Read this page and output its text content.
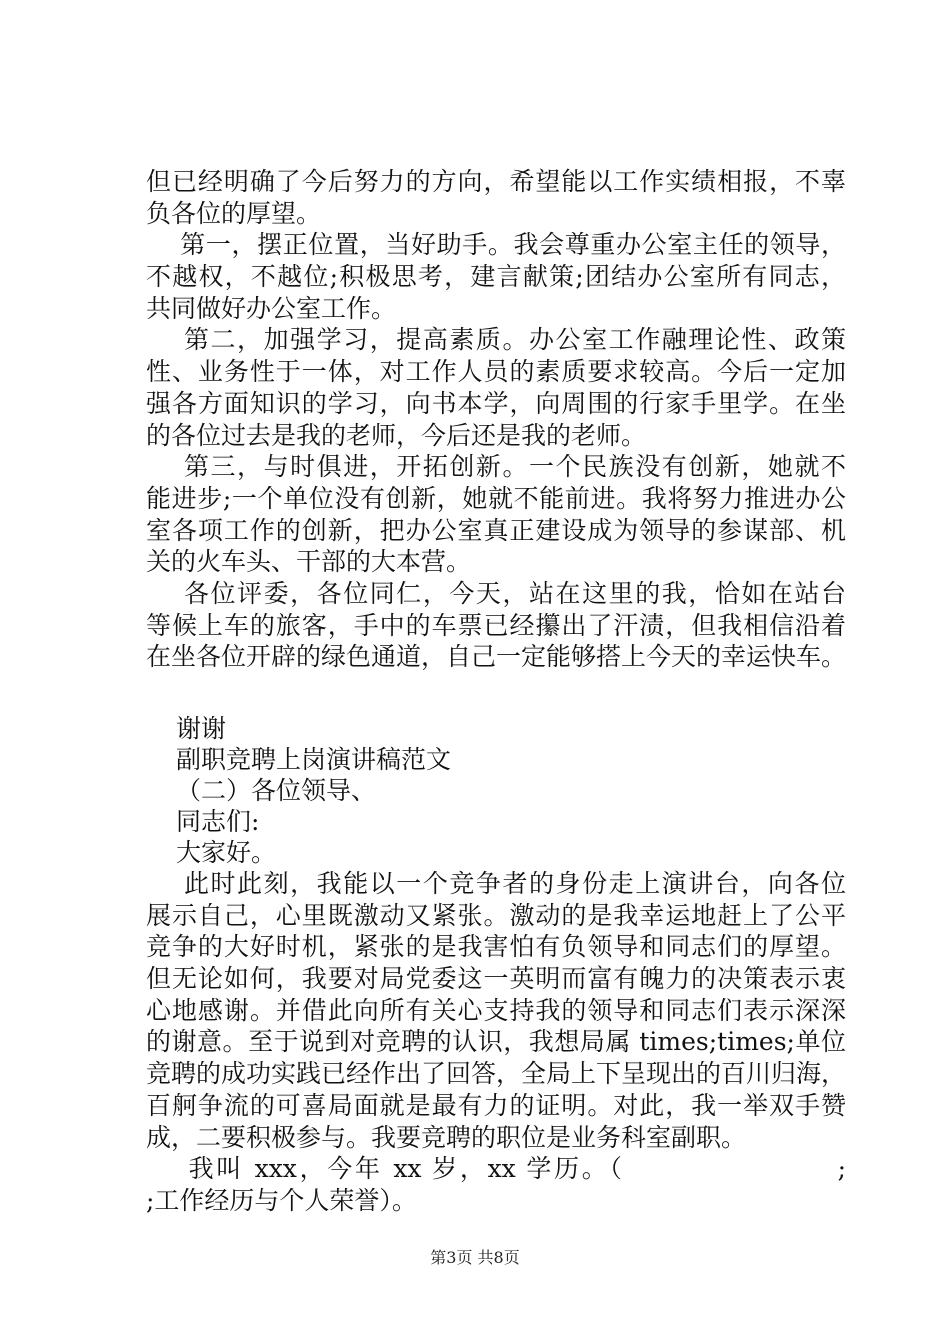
但已经明确了今后努力的方向，希望能以工作实绩相报，不辜
负各位的厚望。
第一，摆正位置，当好助手。我会尊重办公室主任的领导，
不越权，不越位;积极思考，建言献策;团结办公室所有同志，
共同做好办公室工作。
第二，加强学习，提高素质。办公室工作融理论性、政策
性、业务性于一体，对工作人员的素质要求较高。今后一定加
强各方面知识的学习，向书本学，向周围的行家手里学。在坐
的各位过去是我的老师，今后还是我的老师。
第三，与时俱进，开拓创新。一个民族没有创新，她就不
能进步;一个单位没有创新，她就不能前进。我将努力推进办公
室各项工作的创新，把办公室真正建设成为领导的参谋部、机
关的火车头、干部的大本营。
各位评委，各位同仁，今天，站在这里的我，恰如在站台
等候上车的旅客，手中的车票已经攥出了汗渍，但我相信沿着
在坐各位开辟的绿色通道，自己一定能够搭上今天的幸运快车。
谢谢
副职竞聘上岗演讲稿范文
（二）各位领导、
同志们:
大家好。
此时此刻，我能以一个竞争者的身份走上演讲台，向各位
展示自己，心里既激动又紧张。激动的是我幸运地赶上了公平
竞争的大好时机，紧张的是我害怕有负领导和同志们的厚望。
但无论如何，我要对局党委这一英明而富有魄力的决策表示衷
心地感谢。并借此向所有关心支持我的领导和同志们表示深深
的谢意。至于说到对竞聘的认识，我想局属 times;times;单位
竞聘的成功实践已经作出了回答，全局上下呈现出的百川归海，
百舸争流的可喜局面就是最有力的证明。对此，我一举双手赞
成，二要积极参与。我要竞聘的职位是业务科室副职。
我叫 xxx，今年 xx 岁，xx 学历。（                    ;
;工作经历与个人荣誉）。
第3页 共8页
